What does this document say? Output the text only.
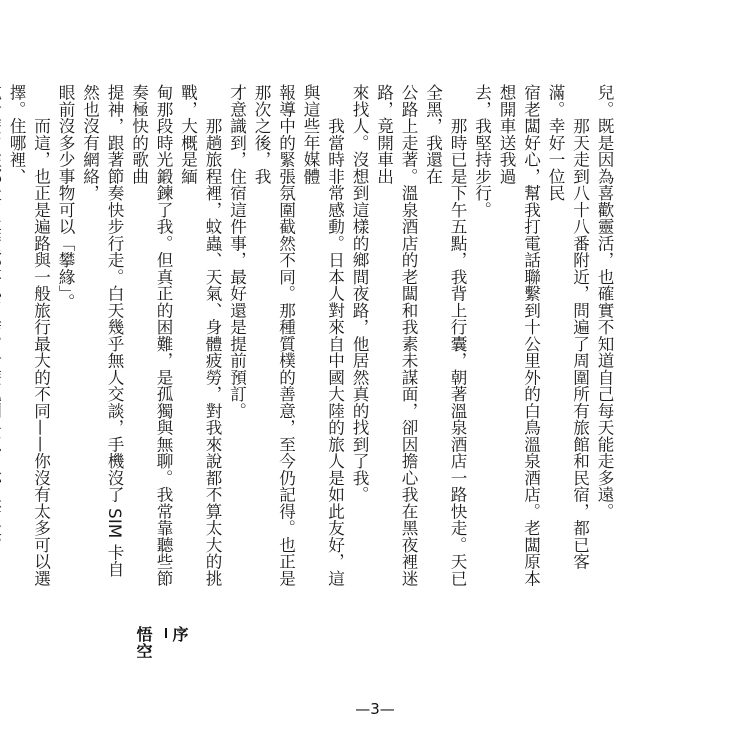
兒。既是因為喜歡靈活，也確實不知道自己每天能走多遠。
那天走到八十八番附近，問遍了周圍所有旅館和民宿，都已客滿。幸好一位民
宿老闆好心，幫我打電話聯繫到十公里外的白鳥溫泉酒店。老闆原本想開車送我過
去，我堅持步行。
那時已是下午五點，我背上行囊，朝著溫泉酒店一路快走。天已全黑，我還在
公路上走著。溫泉酒店的老闆和我素未謀面，卻因擔心我在黑夜裡迷路，竟開車出
來找人。沒想到這樣的鄉間夜路，他居然真的找到了我。
我當時非常感動。日本人對來自中國大陸的旅人是如此友好，這與這些年媒體
報導中的緊張氛圍截然不同。那種質樸的善意，至今仍記得。也正是那次之後，我
才意識到，住宿這件事，最好還是提前預訂。
那趟旅程裡，蚊蟲、天氣、身體疲勞，對我來說都不算太大的挑戰，大概是緬
甸那段時光鍛鍊了我。但真正的困難，是孤獨與無聊。我常靠聽些節奏極快的歌曲
提神，跟著節奏快步行走。白天幾乎無人交談，手機沒了 SIM 卡自然也沒有網絡，
眼前沒多少事物可以「攀緣」。
而這，也正是遍路與一般旅行最大的不同——你沒有太多可以選擇。住哪裡、
序

悟空
—3—
